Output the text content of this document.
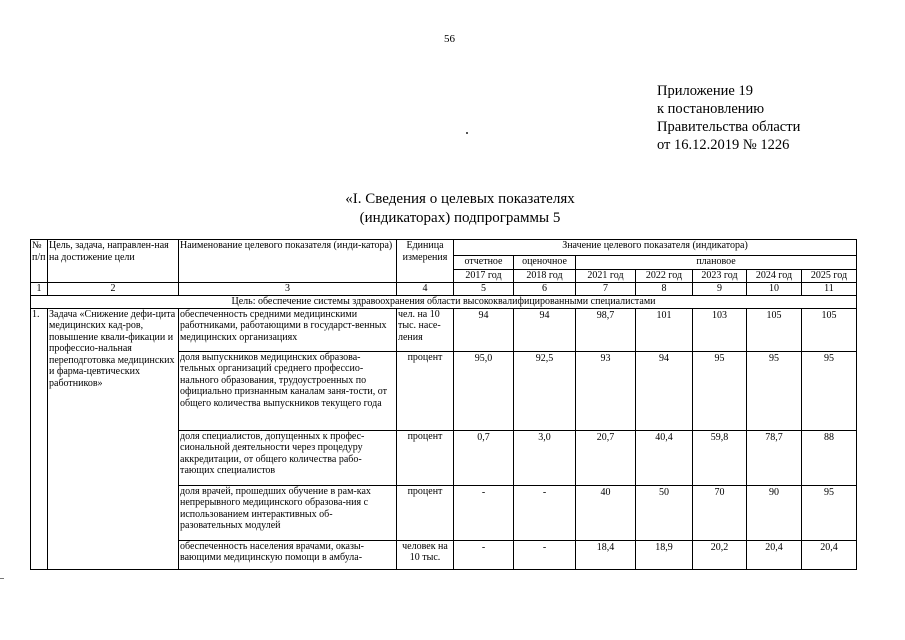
56
Приложение 19
к постановлению
Правительства области
от 16.12.2019 № 1226
«I. Сведения о целевых показателях
(индикаторах) подпрограммы 5
№ п/п	Цель, задача, направлен-ная на достижение цели	Наименование целевого показателя (инди-катора)	Единица измерения	Значение целевого показателя (индикатора)						
				отчетное	оценочное	плановое				
				2017 год	2018 год	2021 год	2022 год	2023 год	2024 год	2025 год
1	2	3	4	5	6	7	8	9	10	11
Цель: обеспечение системы здравоохранения области высококвалифицированными специалистами										
1.	Задача «Снижение дефи-цита медицинских кад-ров, повышение квали-фикации и профессио-нальная переподготовка медицинских и фарма-цевтических работников»	обеспеченность средними медицинскими работниками, работающими в государст-венных медицинских организациях	чел. на 10 тыс. насе-ления	94	94	98,7	101	103	105	105
		доля выпускников медицинских образова-тельных организаций среднего профессио-нального образования, трудоустроенных по официально признанным каналам заня-тости, от общего количества выпускников текущего года	процент	95,0	92,5	93	94	95	95	95
		доля специалистов, допущенных к профес-сиональной деятельности через процедуру аккредитации, от общего количества рабо-тающих специалистов	процент	0,7	3,0	20,7	40,4	59,8	78,7	88
		доля врачей, прошедших обучение в рам-ках непрерывного медицинского образова-ния с использованием интерактивных об-разовательных модулей	процент	-	-	40	50	70	90	95
		обеспеченность населения врачами, оказы-вающими медицинскую помощи в амбула-	человек на 10 тыс.	-	-	18,4	18,9	20,2	20,4	20,4
